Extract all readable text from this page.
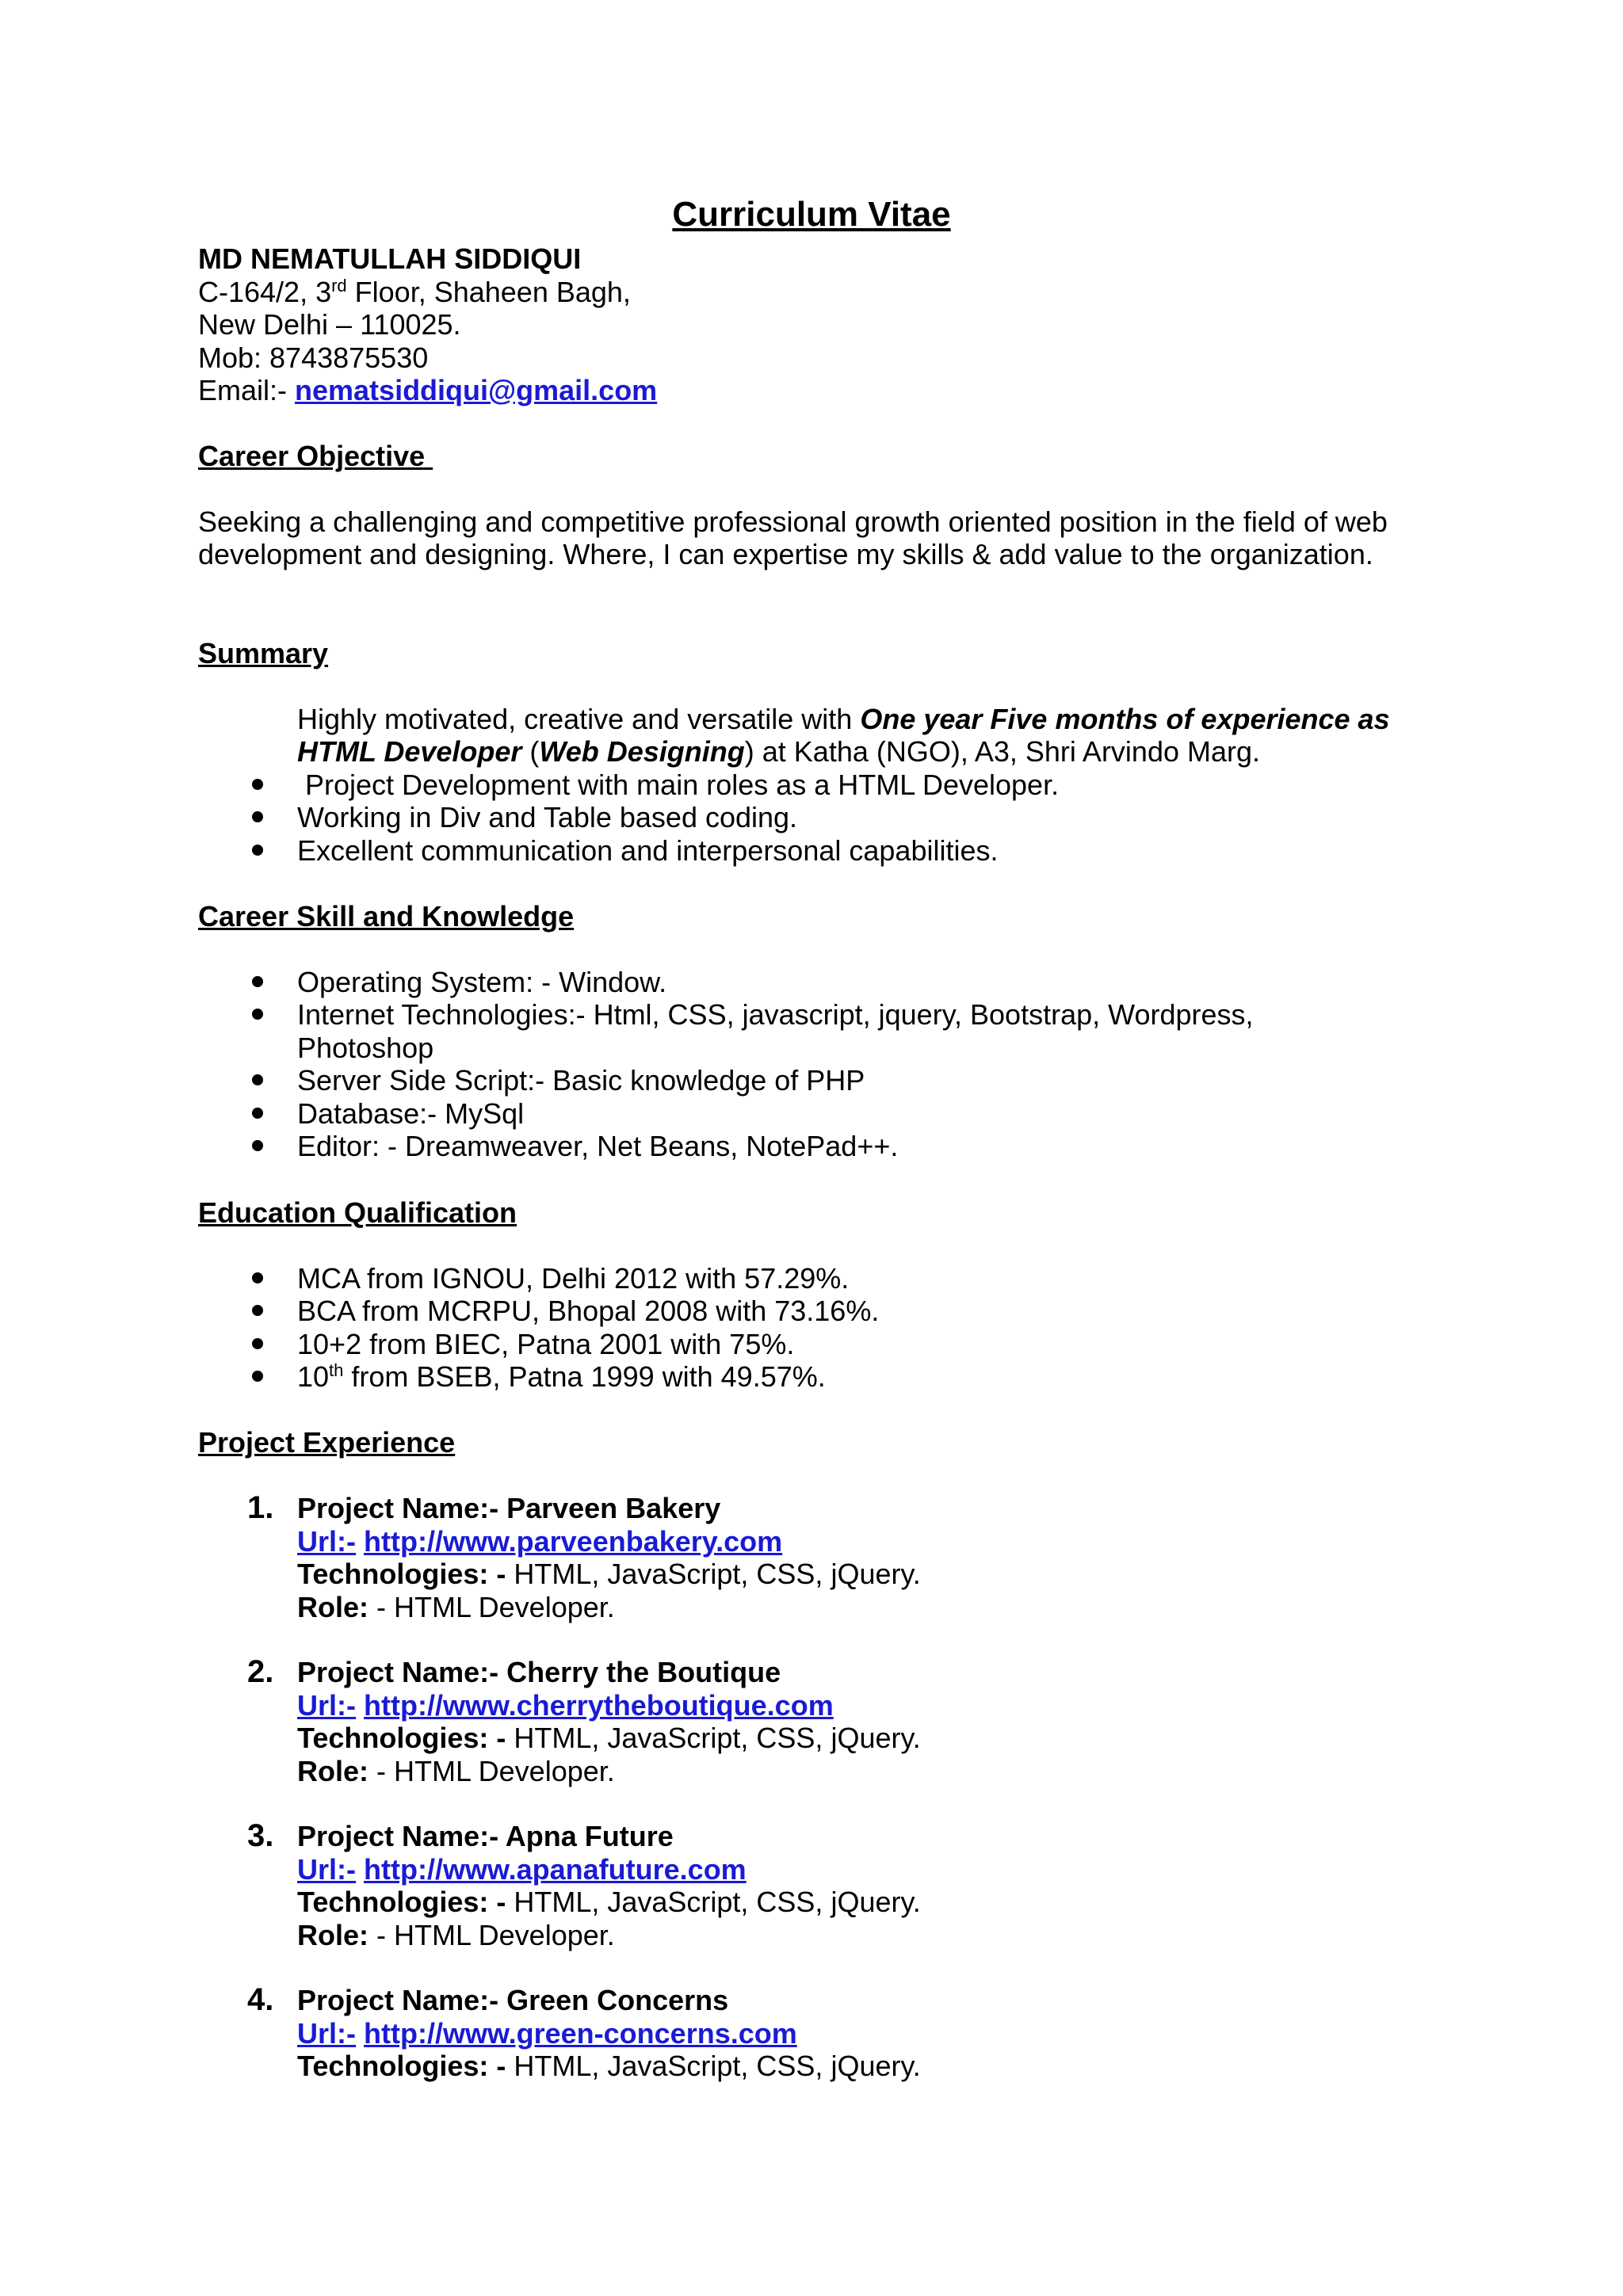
Curriculum Vitae
MD NEMATULLAH SIDDIQUI
C-164/2, 3rd Floor, Shaheen Bagh,
New Delhi – 110025.
Mob: 8743875530
Email:- nematsiddiqui@gmail.com
Career Objective
Seeking a challenging and competitive professional growth oriented position in the field of web development and designing. Where, I can expertise my skills & add value to the organization.
Summary
Highly motivated, creative and versatile with One year Five months of experience as HTML Developer (Web Designing) at Katha (NGO), A3, Shri Arvindo Marg.
Project Development with main roles as a HTML Developer.
Working in Div and Table based coding.
Excellent communication and interpersonal capabilities.
Career Skill and Knowledge
Operating System: - Window.
Internet Technologies:- Html, CSS, javascript, jquery, Bootstrap, Wordpress, Photoshop
Server Side Script:- Basic knowledge of PHP
Database:- MySql
Editor: - Dreamweaver, Net Beans, NotePad++.
Education Qualification
MCA from IGNOU, Delhi 2012 with 57.29%.
BCA from MCRPU, Bhopal 2008 with 73.16%.
10+2 from BIEC, Patna 2001 with 75%.
10th from BSEB, Patna 1999 with 49.57%.
Project Experience
1. Project Name:- Parveen Bakery
Url:- http://www.parveenbakery.com
Technologies: - HTML, JavaScript, CSS, jQuery.
Role: - HTML Developer.
2. Project Name:- Cherry the Boutique
Url:- http://www.cherrytheboutique.com
Technologies: - HTML, JavaScript, CSS, jQuery.
Role: - HTML Developer.
3. Project Name:- Apna Future
Url:- http://www.apanafuture.com
Technologies: - HTML, JavaScript, CSS, jQuery.
Role: - HTML Developer.
4. Project Name:- Green Concerns
Url:- http://www.green-concerns.com
Technologies: - HTML, JavaScript, CSS, jQuery.
